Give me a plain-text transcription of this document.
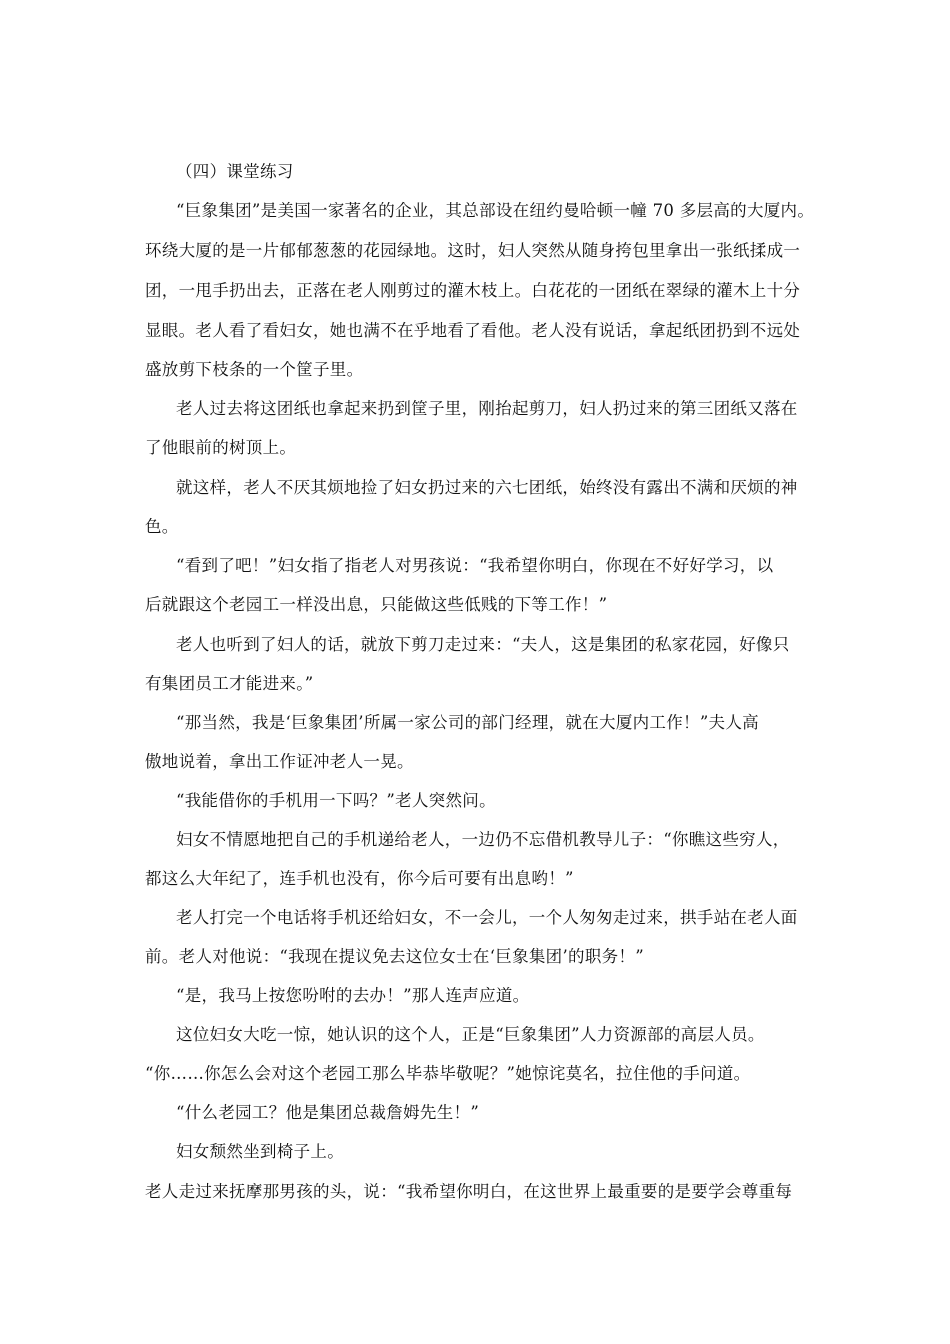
（四）课堂练习
“巨象集团”是美国一家著名的企业，其总部设在纽约曼哈顿一幢 70 多层高的大厦内。
环绕大厦的是一片郁郁葱葱的花园绿地。这时，妇人突然从随身挎包里拿出一张纸揉成一
团，一甩手扔出去，正落在老人刚剪过的灌木枝上。白花花的一团纸在翠绿的灌木上十分
显眼。老人看了看妇女，她也满不在乎地看了看他。老人没有说话，拿起纸团扔到不远处
盛放剪下枝条的一个筐子里。
老人过去将这团纸也拿起来扔到筐子里，刚抬起剪刀，妇人扔过来的第三团纸又落在
了他眼前的树顶上。
就这样，老人不厌其烦地捡了妇女扔过来的六七团纸，始终没有露出不满和厌烦的神
色。
“看到了吧！”妇女指了指老人对男孩说：“我希望你明白，你现在不好好学习，以
后就跟这个老园工一样没出息，只能做这些低贱的下等工作！”
老人也听到了妇人的话，就放下剪刀走过来：“夫人，这是集团的私家花园，好像只
有集团员工才能进来。”
“那当然，我是‘巨象集团’所属一家公司的部门经理，就在大厦内工作！”夫人高
傲地说着，拿出工作证冲老人一晃。
“我能借你的手机用一下吗？”老人突然问。
妇女不情愿地把自己的手机递给老人，一边仍不忘借机教导儿子：“你瞧这些穷人，
都这么大年纪了，连手机也没有，你今后可要有出息哟！”
老人打完一个电话将手机还给妇女，不一会儿，一个人匆匆走过来，拱手站在老人面
前。老人对他说：“我现在提议免去这位女士在‘巨象集团’的职务！”
“是，我马上按您吩咐的去办！”那人连声应道。
这位妇女大吃一惊，她认识的这个人，正是“巨象集团”人力资源部的高层人员。
“你……你怎么会对这个老园工那么毕恭毕敬呢？”她惊诧莫名，拉住他的手问道。
“什么老园工？他是集团总裁詹姆先生！”
妇女颓然坐到椅子上。
老人走过来抚摩那男孩的头，说：“我希望你明白，在这世界上最重要的是要学会尊重每
